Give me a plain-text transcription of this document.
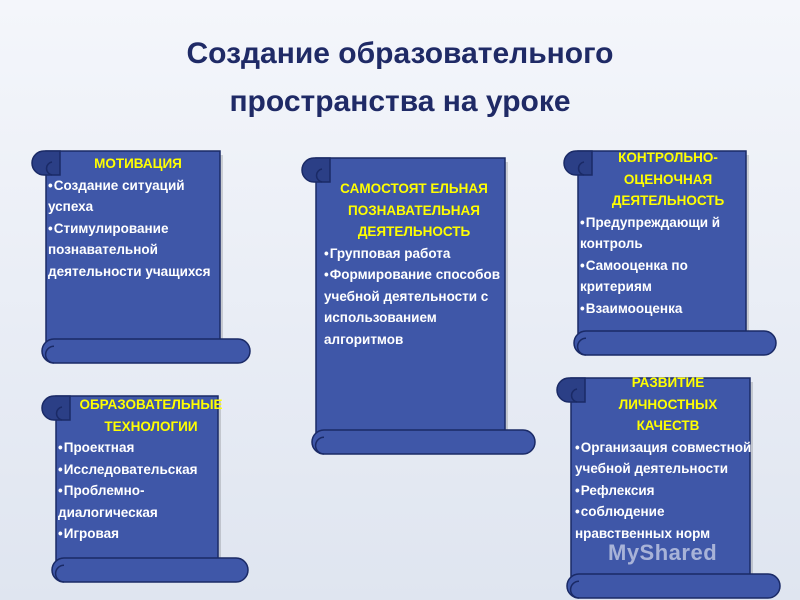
Создание образовательного
пространства на уроке
МОТИВАЦИЯ
• Создание ситуаций успеха
• Стимулирование познавательной деятельности учащихся
САМОСТОЯТ ЕЛЬНАЯ
ПОЗНАВАТЕЛЬНАЯ
ДЕЯТЕЛЬНОСТЬ
• Групповая работа
• Формирование способов учебной деятельности с использованием алгоритмов
КОНТРОЛЬНО-
ОЦЕНОЧНАЯ
ДЕЯТЕЛЬНОСТЬ
• Предупреждающи й контроль
• Самооценка по критериям
• Взаимооценка
ОБРАЗОВАТЕЛЬНЫЕ
ТЕХНОЛОГИИ
• Проектная
• Исследовательская
• Проблемно-диалогическая
• Игровая
РАЗВИТИЕ
ЛИЧНОСТНЫХ
КАЧЕСТВ
• Организация совместной учебной деятельности
• Рефлексия
• соблюдение нравственных норм
MyShared
